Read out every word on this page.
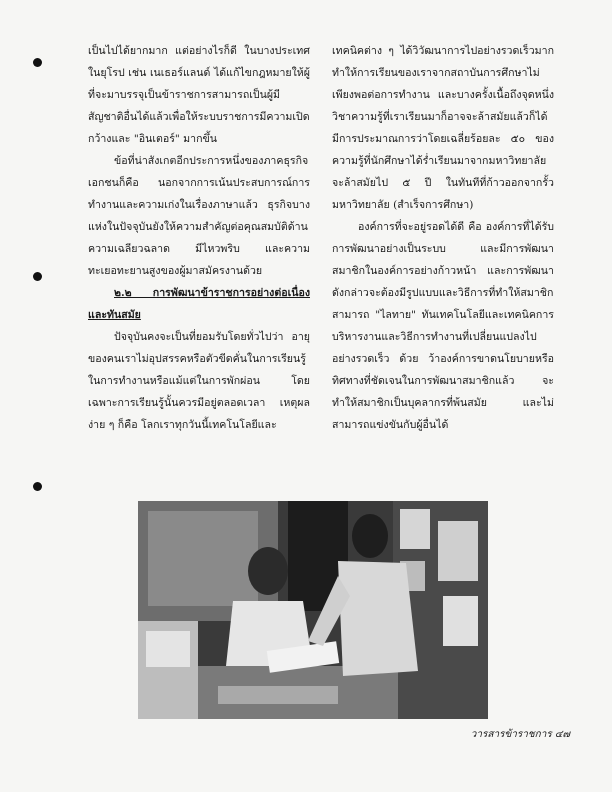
เป็นไปได้ยากมาก แต่อย่างไรก็ดี ในบางประเทศในยุโรป เช่น เนเธอร์แลนด์ ได้แก้ไขกฎหมายให้ผู้ที่จะมาบรรจุเป็นข้าราชการสามารถเป็นผู้มีสัญชาติอื่นได้แล้วเพื่อให้ระบบราชการมีความเปิดกว้างและ "อินเตอร์" มากขึ้น

ข้อที่น่าสังเกตอีกประการหนึ่งของภาคธุรกิจเอกชนก็คือ นอกจากการเน้นประสบการณ์การทำงานและความเก่งในเรื่องภาษาแล้ว ธุรกิจบางแห่งในปัจจุบันยังให้ความสำคัญต่อคุณสมบัติด้านความเฉลียวฉลาด มีไหวพริบ และความทะเยอทะยานสูงของผู้มาสมัครงานด้วย

๒.๒ การพัฒนาข้าราชการอย่างต่อเนื่องและทันสมัย

ปัจจุบันคงจะเป็นที่ยอมรับโดยทั่วไปว่า อายุของคนเราไม่อุปสรรคหรือตัวขีดคั่นในการเรียนรู้ในการทำงานหรือแม้แต่ในการพักผ่อน โดยเฉพาะการเรียนรู้นั้นควรมีอยู่ตลอดเวลา เหตุผลง่าย ๆ ก็คือ โลกเราทุกวันนี้เทคโนโลยีและ

เทคนิคต่าง ๆ ได้วิวัฒนาการไปอย่างรวดเร็วมาก ทำให้การเรียนของเราจากสถาบันการศึกษาไม่เพียงพอต่อการทำงาน และบางครั้งเนื้อถึงจุดหนึ่ง วิชาความรู้ที่เราเรียนมาก็อาจจะล้าสมัยแล้วก็ได้มีการประมาณการว่าโดยเฉลี่ยร้อยละ ๕๐ ของความรู้ที่นักศึกษาได้ร่ำเรียนมาจากมหาวิทยาลัยจะล้าสมัยไป ๕ ปี ในทันทีที่ก้าวออกจากรั้วมหาวิทยาลัย (สำเร็จการศึกษา)

องค์การที่จะอยู่รอดได้ดี คือ องค์การที่ได้รับการพัฒนาอย่างเป็นระบบ และมีการพัฒนาสมาชิกในองค์การอย่างก้าวหน้า และการพัฒนาดังกล่าวจะต้องมีรูปแบบและวิธีการที่ทำให้สมาชิกสามารถ "ไลทาย" ทันเทคโนโลยีและเทคนิคการบริหารงานและวิธีการทำงานที่เปลี่ยนแปลงไปอย่างรวดเร็ว ด้วย ว้าองค์การขาดนโยบายหรือทิศทางที่ชัดเจนในการพัฒนาสมาชิกแล้ว จะทำให้สมาชิกเป็นบุคลากรที่พ้นสมัย และไม่สามารถแข่งขันกับผู้อื่นได้

วารสารข้าราชการ ๔๗
